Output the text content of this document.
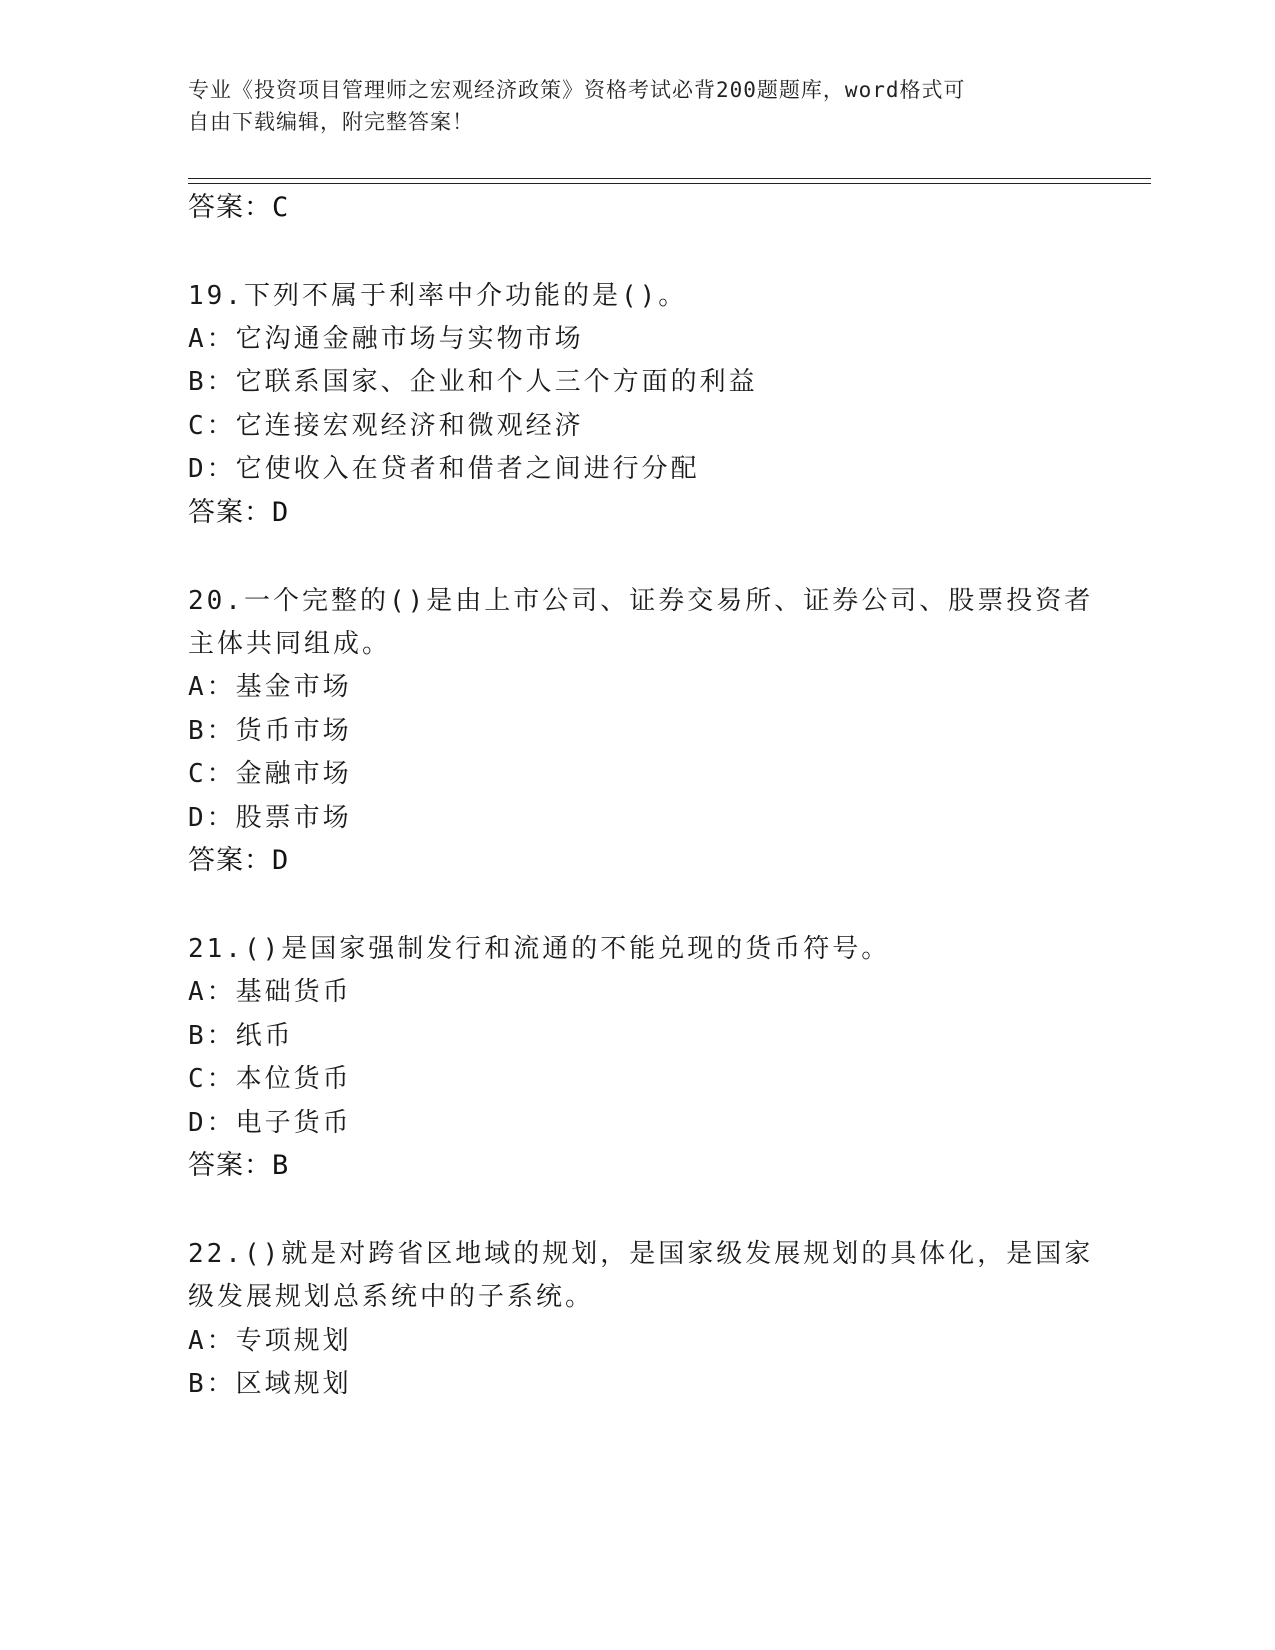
专业《投资项目管理师之宏观经济政策》资格考试必背200题题库，word格式可
自由下载编辑，附完整答案！
答案：C
19.下列不属于利率中介功能的是()。
A：它沟通金融市场与实物市场
B：它联系国家、企业和个人三个方面的利益
C：它连接宏观经济和微观经济
D：它使收入在贷者和借者之间进行分配
答案：D
20.一个完整的()是由上市公司、证券交易所、证券公司、股票投资者
主体共同组成。
A：基金市场
B：货币市场
C：金融市场
D：股票市场
答案：D
21.()是国家强制发行和流通的不能兑现的货币符号。
A：基础货币
B：纸币
C：本位货币
D：电子货币
答案：B
22.()就是对跨省区地域的规划，是国家级发展规划的具体化，是国家
级发展规划总系统中的子系统。
A：专项规划
B：区域规划
